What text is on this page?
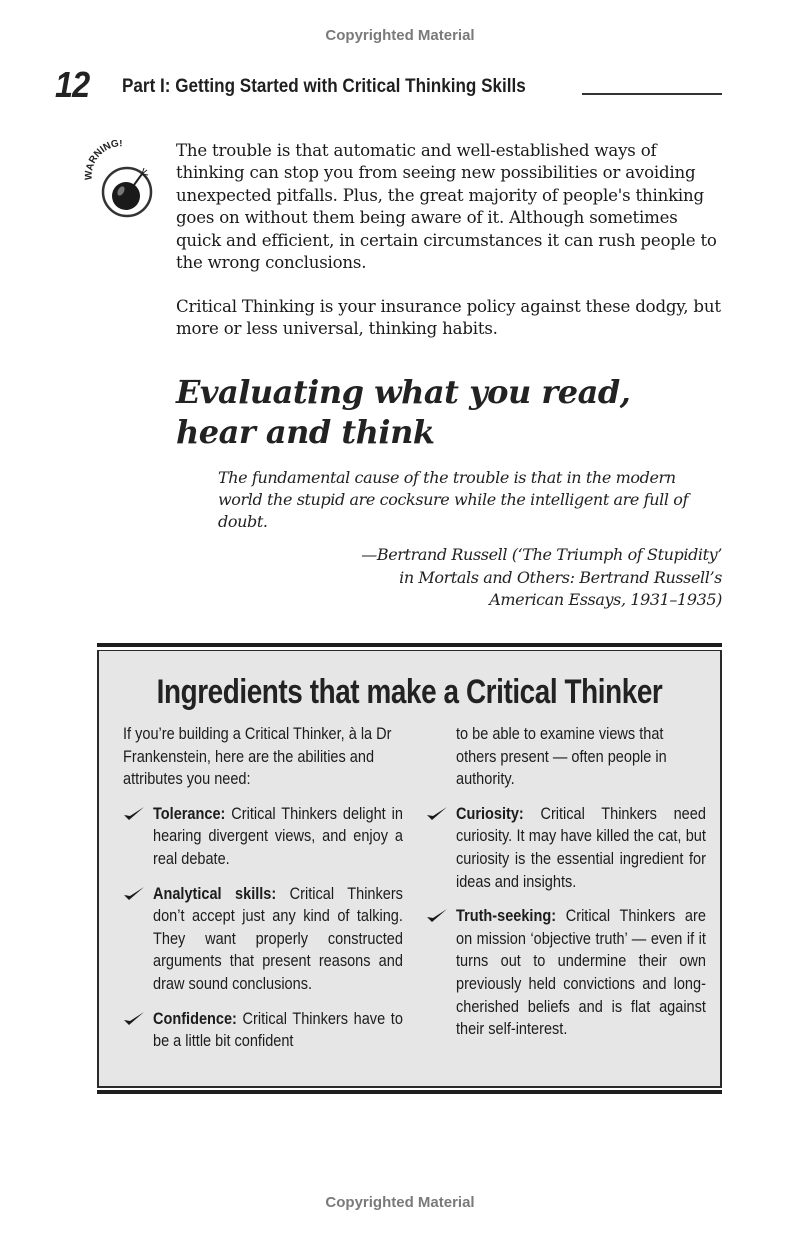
Copyrighted Material
12 Part I: Getting Started with Critical Thinking Skills
WARNING!	The trouble is that automatic and well-established ways of thinking can stop you from seeing new possibilities or avoiding unexpected pitfalls. Plus, the great majority of people's thinking goes on without them being aware of it. Although sometimes quick and efficient, in certain circumstances it can rush people to the wrong conclusions.
Critical Thinking is your insurance policy against these dodgy, but more or less universal, thinking habits.
Evaluating what you read,
hear and think
The fundamental cause of the trouble is that in the modern world the stupid are cocksure while the intelligent are full of doubt.
—Bertrand Russell (‘The Triumph of Stupidity’
in Mortals and Others: Bertrand Russell’s
American Essays, 1931–1935)
Ingredients that make a Critical Thinker
If you’re building a Critical Thinker, à la Dr Frankenstein, here are the abilities and attributes you need:
Tolerance: Critical Thinkers delight in hearing divergent views, and enjoy a real debate.
Analytical skills: Critical Thinkers don’t accept just any kind of talking. They want properly constructed arguments that present reasons and draw sound conclusions.
Confidence: Critical Thinkers have to be a little bit confident
to be able to examine views that others present — often people in authority.
Curiosity: Critical Thinkers need curiosity. It may have killed the cat, but curiosity is the essential ingredient for ideas and insights.
Truth-seeking: Critical Thinkers are on mission ‘objective truth’ — even if it turns out to undermine their own previously held convictions and long-cherished beliefs and is flat against their self-interest.
Copyrighted Material
